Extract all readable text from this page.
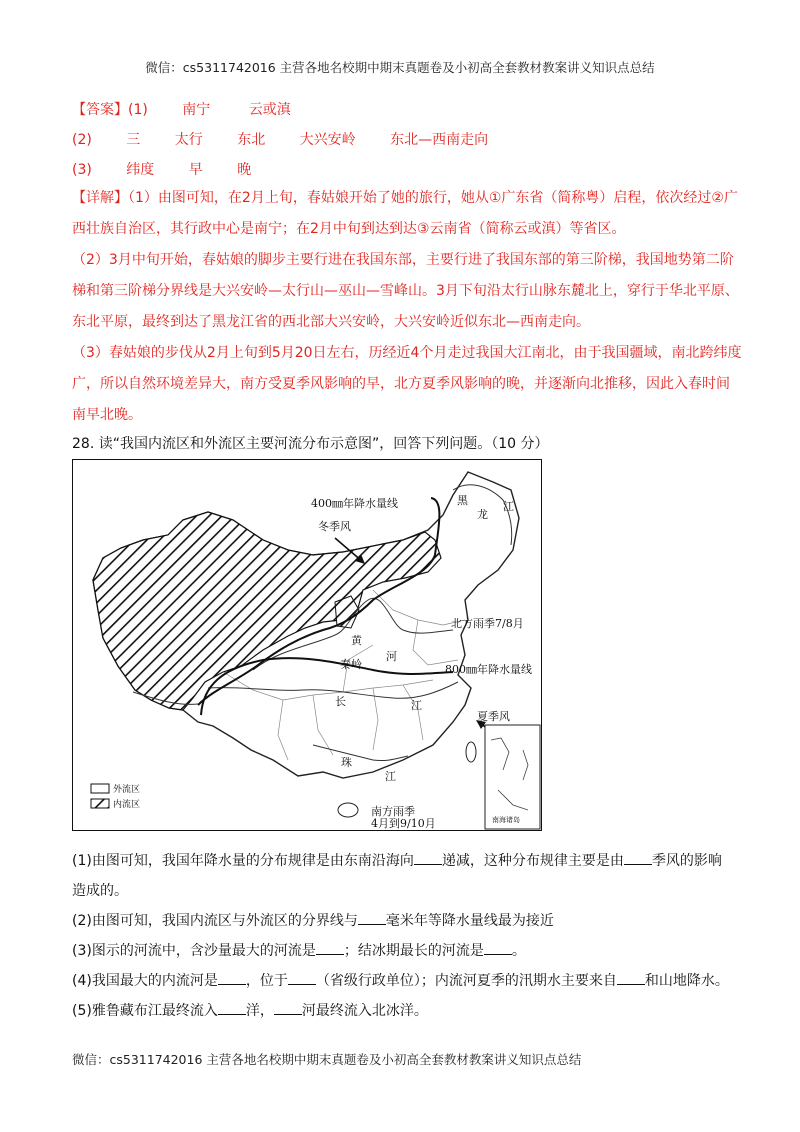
微信：cs5311742016 主营各地名校期中期末真题卷及小初高全套教材教案讲义知识点总结
【答案】(1) 南宁	云或滇
(2) 三 太行 东北 大兴安岭 东北—西南走向
(3) 纬度 早 晚
【详解】（1）由图可知，在2月上旬，春姑娘开始了她的旅行，她从①广东省（简称粤）启程，依次经过②广西壮族自治区，其行政中心是南宁；在2月中旬到达到达③云南省（简称云或滇）等省区。
（2）3月中旬开始，春姑娘的脚步主要行进在我国东部，主要行进了我国东部的第三阶梯，我国地势第二阶梯和第三阶梯分界线是大兴安岭—太行山—巫山—雪峰山。3月下旬沿太行山脉东麓北上，穿行于华北平原、东北平原，最终到达了黑龙江省的西北部大兴安岭，大兴安岭近似东北—西南走向。
（3）春姑娘的步伐从2月上旬到5月20日左右，历经近4个月走过我国大江南北，由于我国疆域，南北跨纬度广，所以自然环境差异大，南方受夏季风影响的早，北方夏季风影响的晚，并逐渐向北推移，因此入春时间南早北晚。
28. 读“我国内流区和外流区主要河流分布示意图”，回答下列问题。（10 分）
400㎜年降水量线
冬季风
黑
龙
江
北方雨季7/8月
黄
河
秦岭	800㎜年降水量线
长	江
夏季风
珠
江
南方雨季
4月到9/10月	南海诸岛
外流区
内流区
(1)由图可知，我国年降水量的分布规律是由东南沿海向 递减，这种分布规律主要是由 季风的影响
造成的。
(2)由图可知，我国内流区与外流区的分界线与 毫米年等降水量线最为接近
(3)图示的河流中，含沙量最大的河流是 ；结冰期最长的河流是 。
(4)我国最大的内流河是 ，位于 （省级行政单位）；内流河夏季的汛期水主要来自 和山地降水。
(5)雅鲁藏布江最终流入 洋， 河最终流入北冰洋。
微信：cs5311742016 主营各地名校期中期末真题卷及小初高全套教材教案讲义知识点总结
